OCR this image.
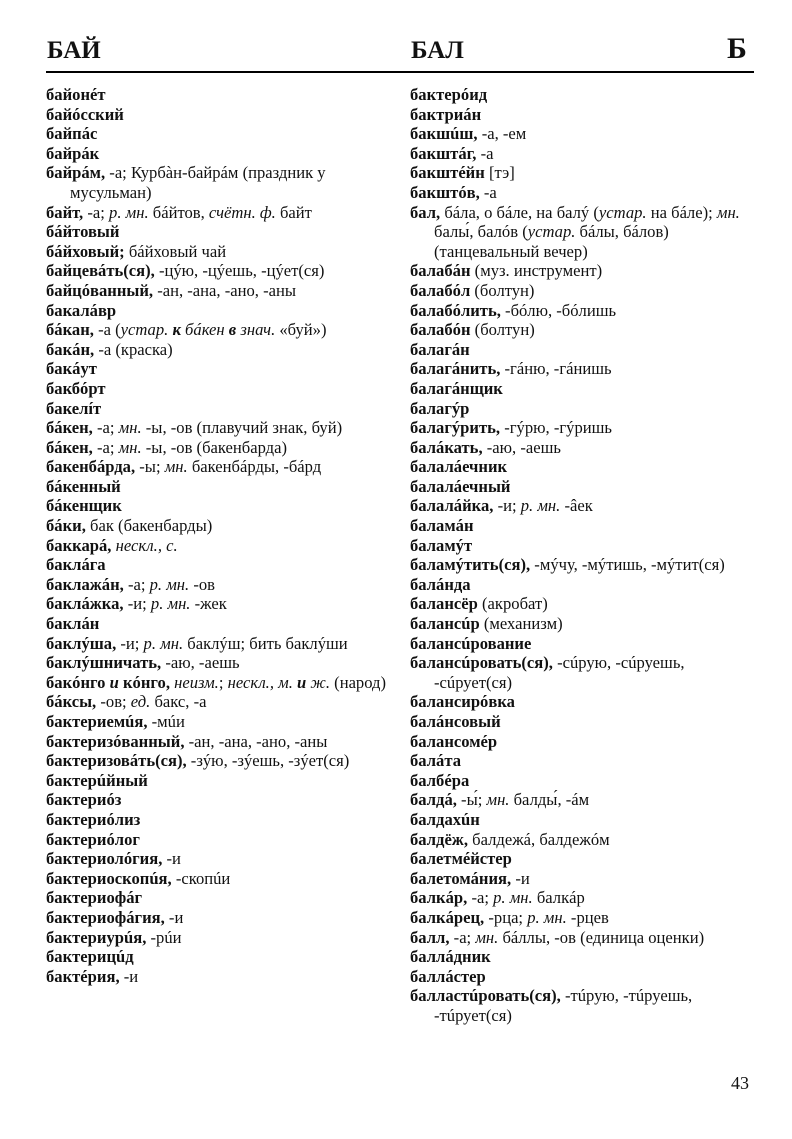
БАЙ	БАЛ	Б
байонéт
байóсский
байпáс
байрáк
байрáм, -а; Курбàн-байрáм (праздник у мусульман)
байт, -а; р. мн. бáйтов, счётн. ф. байт
бáйтовый
бáйховый; бáйховый чай
байцевáть(ся), -цýю, -цýешь, -цýет(ся)
байцóванный, -ан, -ана, -ано, -аны
бакалáвр
бáкан, -а (устар. к бáкен в знач. «буй»)
бакáн, -а (краска)
бакáут
бакбóрт
бакелíт
бáкен, -а; мн. -ы, -ов (плавучий знак, буй)
бáкен, -а; мн. -ы, -ов (бакенбарда)
бакенбáрда, -ы; мн. бакенбáрды, -бáрд
бáкенный
бáкенщик
бáки, бак (бакенбарды)
баккарá, нескл., с.
баклáга
баклажáн, -а; р. мн. -ов
баклáжка, -и; р. мн. -жек
баклáн
баклýша, -и; р. мн. баклýш; бить баклýши
баклýшничать, -аю, -аешь
бакóнго и кóнго, неизм.; нескл., м. и ж. (народ)
бáксы, -ов; ед. бакс, -а
бактериемúя, -мúи
бактеризóванный, -ан, -ана, -ано, -аны
бактеризовáть(ся), -зýю, -зýешь, -зýет(ся)
бактерúйный
бактериóз
бактериóлиз
бактериóлог
бактериолóгия, -и
бактериоскопúя, -скопúи
бактериофáг
бактериофáгия, -и
бактериурúя, -рúи
бактерицúд
бактéрия, -и
бактерóид
бактриáн
бакшúш, -а, -ем
бакштáг, -а
бакштéйн [тэ]
бакштóв, -а
бал, бáла, о бáле, на балý (устар. на бáле); мн. балы́, балóв (устар. бáлы, бáлов) (танцевальный вечер)
балабáн (муз. инструмент)
балабóл (болтун)
балабóлить, -бóлю, -бóлишь
балабóн (болтун)
балагáн
балагáнить, -гáню, -гáнишь
балагáнщик
балагýр
балагýрить, -гýрю, -гýришь
балáкать, -аю, -аешь
балалáечник
балалáечный
балалáйка, -и; р. мн. -âек
баламáн
баламýт
баламýтить(ся), -мýчу, -мýтишь, -мýтит(ся)
балáнда
балансёр (акробат)
балансúр (механизм)
балансúрование
балансúровать(ся), -сúрую, -сúруешь, -сúрует(ся)
балансирóвка
балáнсовый
балансомéр
балáта
балбéра
балдá, -ы́; мн. балды́, -áм
балдахúн
балдёж, балдежá, балдежóм
балетмéйстер
балетомáния, -и
балкáр, -а; р. мн. балкáр
балкáрец, -рца; р. мн. -рцев
балл, -а; мн. бáллы, -ов (единица оценки)
баллáдник
баллáстер
балластúровать(ся), -тúрую, -тúруешь, -тúрует(ся)
43
